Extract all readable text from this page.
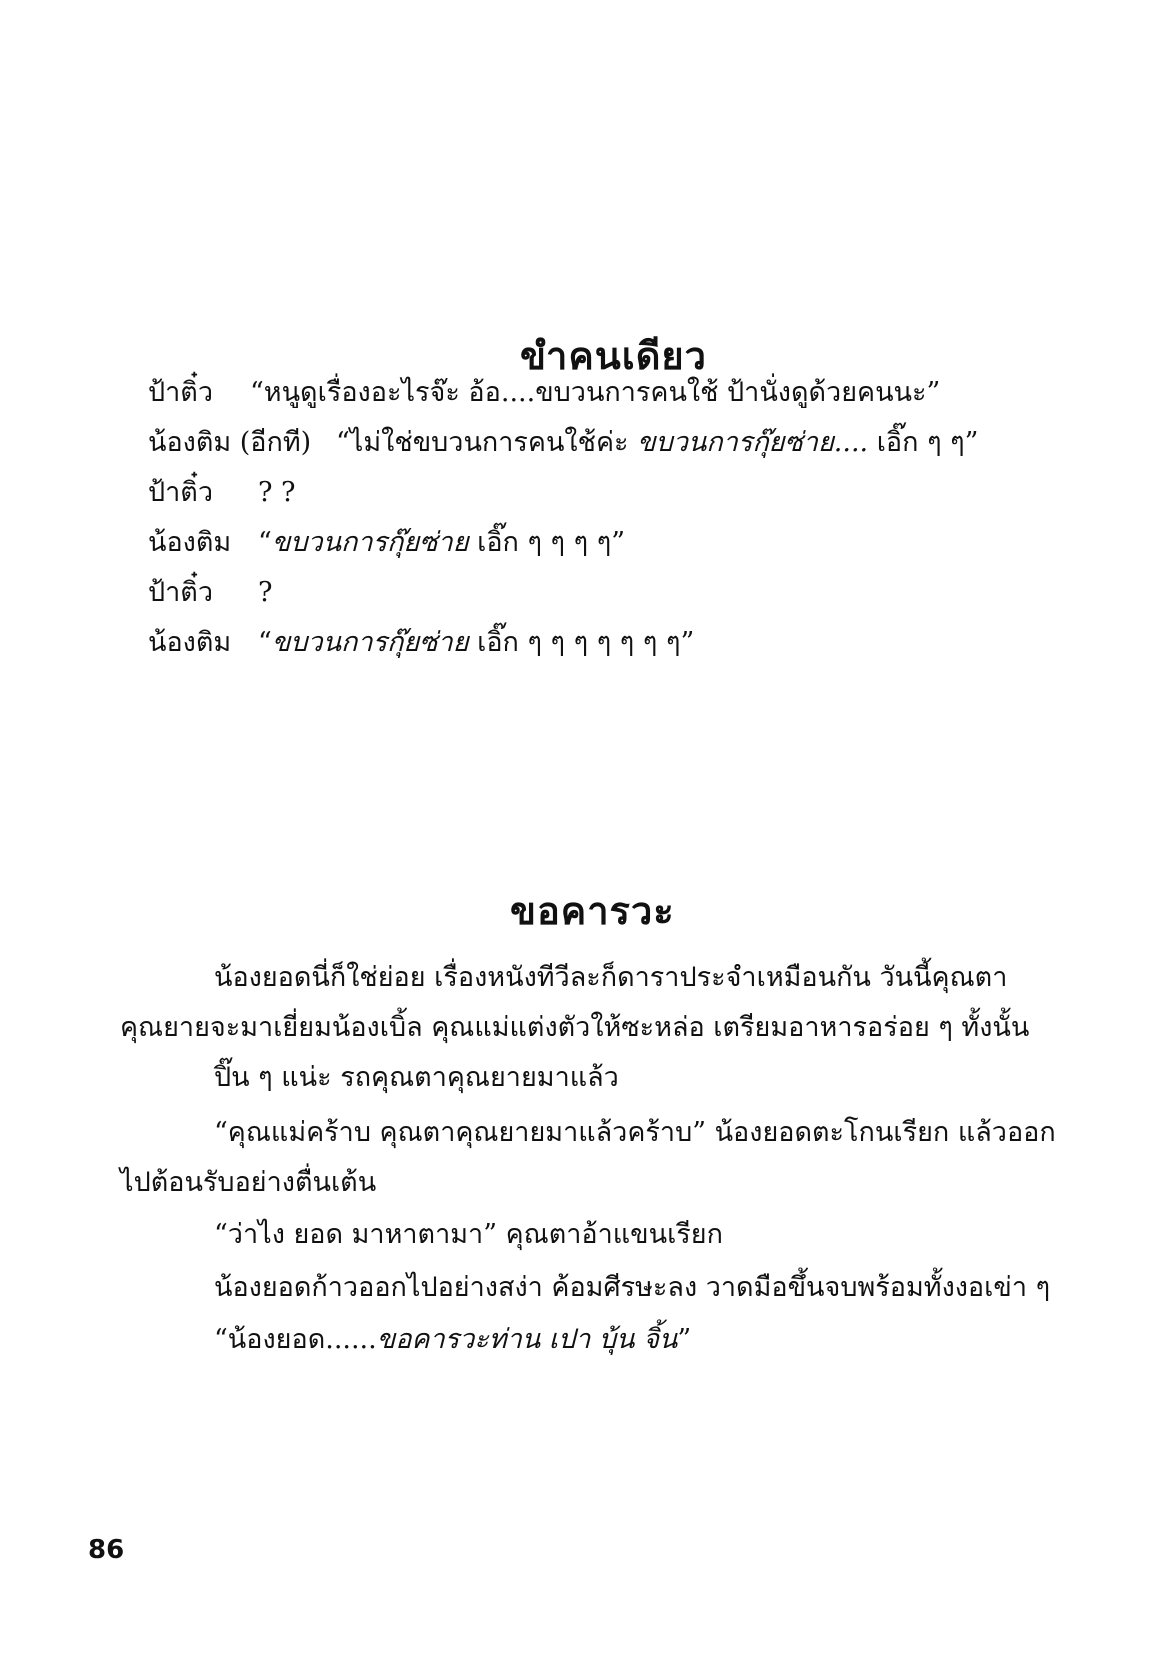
ขำคนเดียว
ป้าติ๋ว “หนูดูเรื่องอะไรจ๊ะ อ้อ....ขบวนการคนใช้ ป้านั่งดูด้วยคนนะ”
น้องติม (อีกที) “ไม่ใช่ขบวนการคนใช้ค่ะ ขบวนการกุ๊ยซ่าย.... เอิ๊ก ๆ ๆ”
ป้าติ๋ว ? ?
น้องติม “ขบวนการกุ๊ยซ่าย เอิ๊ก ๆ ๆ ๆ ๆ”
ป้าติ๋ว ?
น้องติม “ขบวนการกุ๊ยซ่าย เอิ๊ก ๆ ๆ ๆ ๆ ๆ ๆ ๆ”
ขอคารวะ
น้องยอดนี่ก็ใช่ย่อย เรื่องหนังทีวีละก็ดาราประจำเหมือนกัน วันนี้คุณตา
คุณยายจะมาเยี่ยมน้องเบิ้ล คุณแม่แต่งตัวให้ซะหล่อ เตรียมอาหารอร่อย ๆ ทั้งนั้น
ปิ๊น ๆ แน่ะ รถคุณตาคุณยายมาแล้ว
“คุณแม่คร้าบ คุณตาคุณยายมาแล้วคร้าบ” น้องยอดตะโกนเรียก แล้วออก
ไปต้อนรับอย่างตื่นเต้น
“ว่าไง ยอด มาหาตามา” คุณตาอ้าแขนเรียก
น้องยอดก้าวออกไปอย่างสง่า ค้อมศีรษะลง วาดมือขึ้นจบพร้อมทั้งงอเข่า ๆ
“น้องยอด......ขอคารวะท่าน เปา บุ้น จิ้น”
86
